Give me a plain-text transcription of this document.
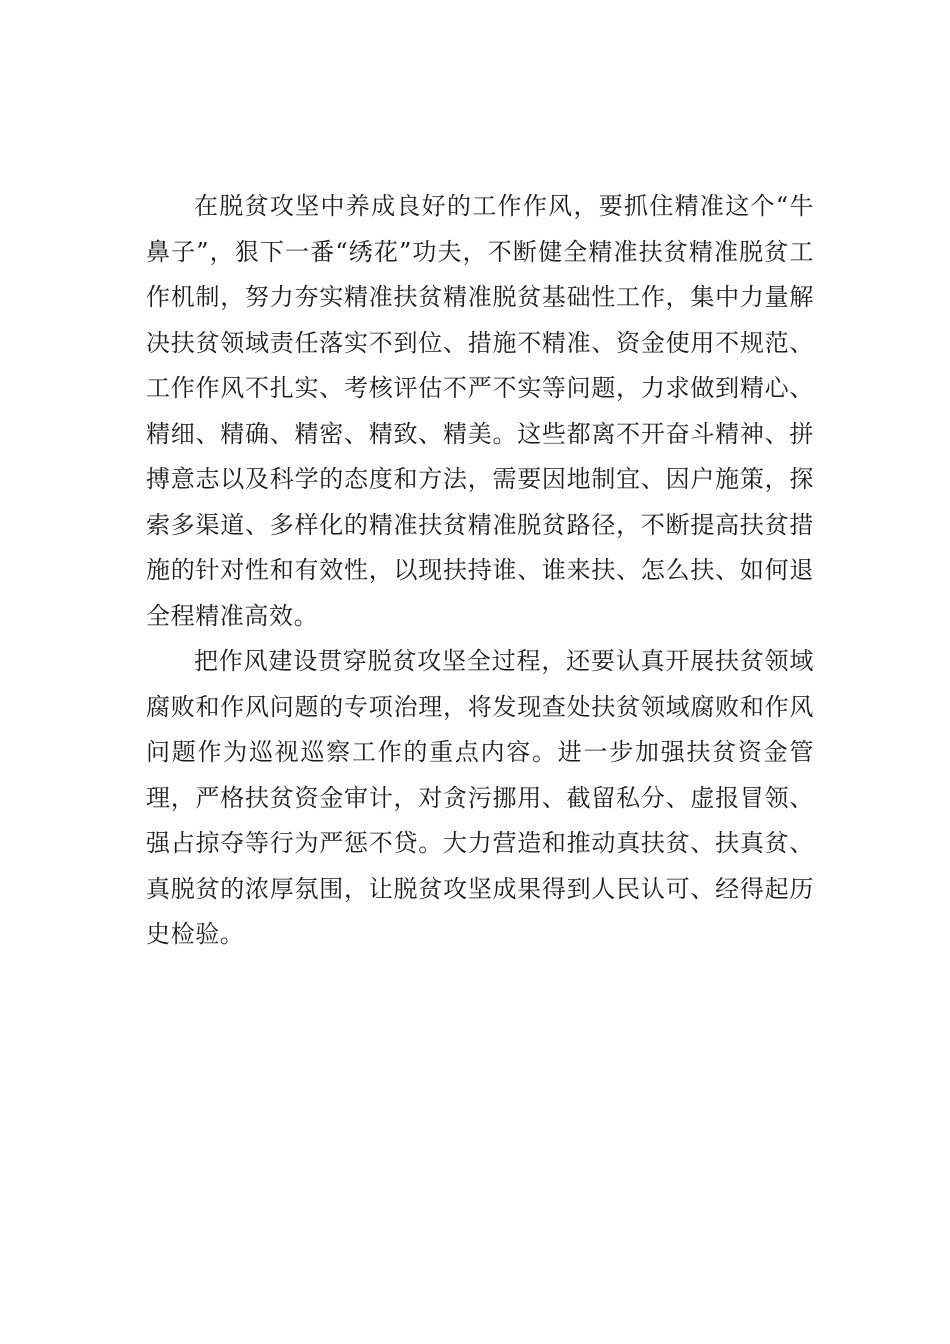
在脱贫攻坚中养成良好的工作作风，要抓住精准这个“牛鼻子”，狠下一番“绣花”功夫，不断健全精准扶贫精准脱贫工作机制，努力夯实精准扶贫精准脱贫基础性工作，集中力量解决扶贫领域责任落实不到位、措施不精准、资金使用不规范、工作作风不扎实、考核评估不严不实等问题，力求做到精心、精细、精确、精密、精致、精美。这些都离不开奋斗精神、拼搏意志以及科学的态度和方法，需要因地制宜、因户施策，探索多渠道、多样化的精准扶贫精准脱贫路径，不断提高扶贫措施的针对性和有效性，以现扶持谁、谁来扶、怎么扶、如何退全程精准高效。

把作风建设贯穿脱贫攻坚全过程，还要认真开展扶贫领域腐败和作风问题的专项治理，将发现查处扶贫领域腐败和作风问题作为巡视巡察工作的重点内容。进一步加强扶贫资金管理，严格扶贫资金审计，对贪污挪用、截留私分、虚报冒领、强占掠夺等行为严惩不贷。大力营造和推动真扶贫、扶真贫、真脱贫的浓厚氛围，让脱贫攻坚成果得到人民认可、经得起历史检验。
